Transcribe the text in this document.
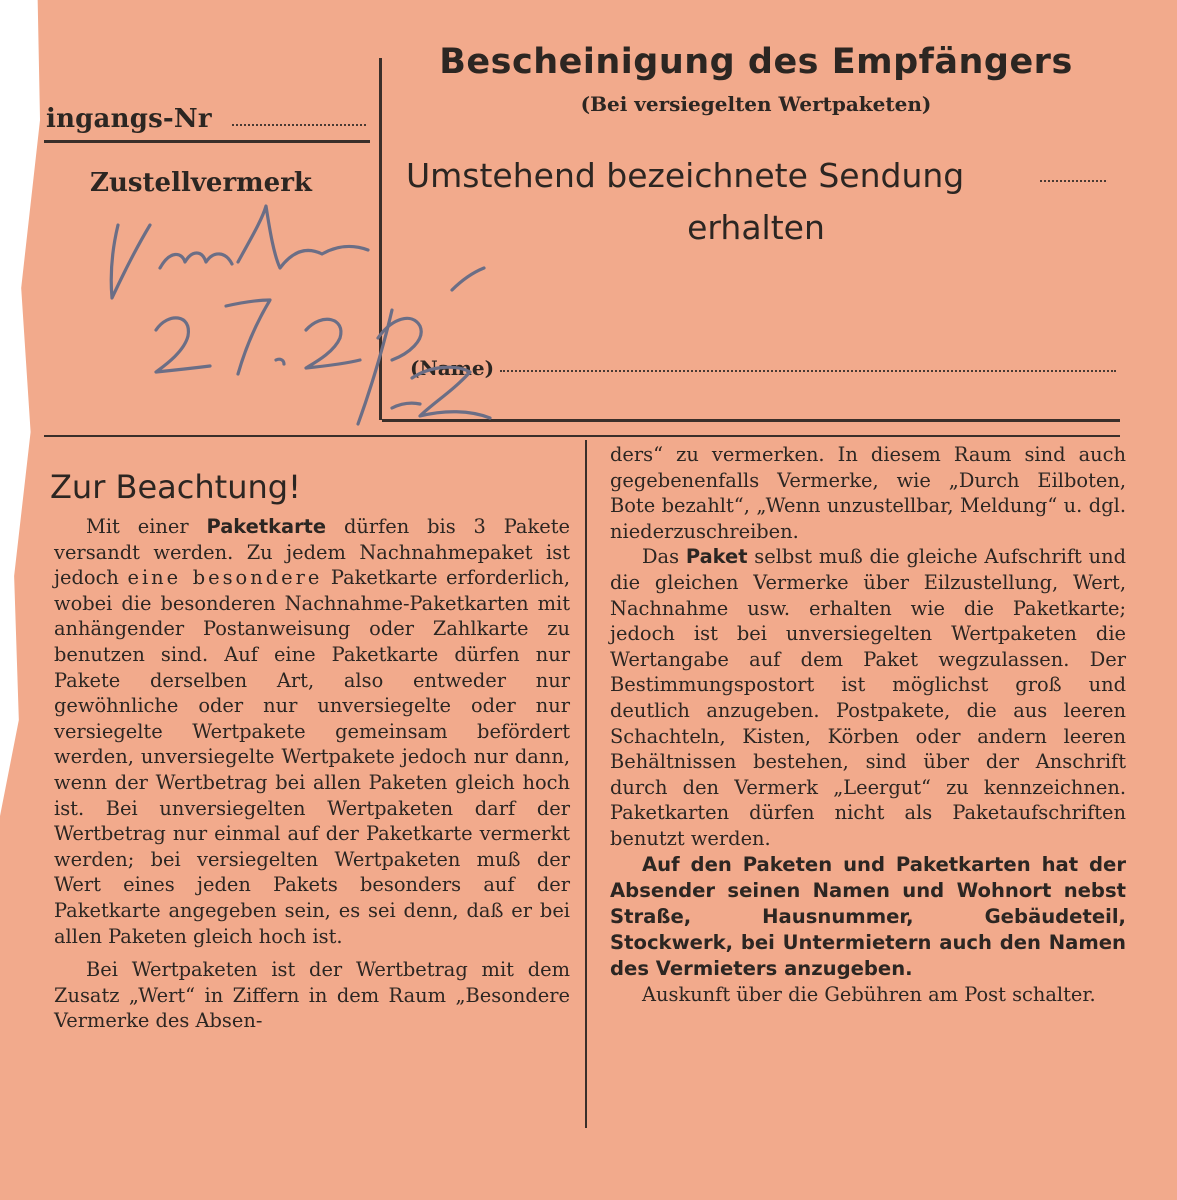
ingangs-Nr
Zustellvermerk
Bescheinigung des Empfängers
(Bei versiegelten Wertpaketen)
Umstehend bezeichnete Sendung
erhalten
(Name)
Zur Beachtung!

Mit einer Paketkarte dürfen bis 3 Pakete versandt werden. Zu jedem Nachnahmepaket ist jedoch eine besondere Paketkarte erforderlich, wobei die besonderen Nachnahme-Paketkarten mit anhängender Postanweisung oder Zahlkarte zu benutzen sind. Auf eine Paketkarte dürfen nur Pakete derselben Art, also entweder nur gewöhnliche oder nur unversiegelte oder nur versiegelte Wertpakete gemeinsam befördert werden, unversiegelte Wertpakete jedoch nur dann, wenn der Wertbetrag bei allen Paketen gleich hoch ist. Bei unversiegelten Wertpaketen darf der Wertbetrag nur einmal auf der Paketkarte vermerkt werden; bei versiegelten Wertpaketen muß der Wert eines jeden Pakets besonders auf der Paketkarte angegeben sein, es sei denn, daß er bei allen Paketen gleich hoch ist.

Bei Wertpaketen ist der Wertbetrag mit dem Zusatz „Wert“ in Ziffern in dem Raum „Besondere Vermerke des Absen-

ders“ zu vermerken. In diesem Raum sind auch gegebenenfalls Vermerke, wie „Durch Eilboten, Bote bezahlt“, „Wenn unzustellbar, Meldung“ u. dgl. niederzuschreiben.

Das Paket selbst muß die gleiche Aufschrift und die gleichen Vermerke über Eilzustellung, Wert, Nachnahme usw. erhalten wie die Paketkarte; jedoch ist bei unversiegelten Wertpaketen die Wertangabe auf dem Paket wegzulassen. Der Bestimmungspostort ist möglichst groß und deutlich anzugeben. Postpakete, die aus leeren Schachteln, Kisten, Körben oder andern leeren Behältnissen bestehen, sind über der Anschrift durch den Vermerk „Leergut“ zu kennzeichnen. Paketkarten dürfen nicht als Paketaufschriften benutzt werden.

Auf den Paketen und Paketkarten hat der Absender seinen Namen und Wohnort nebst Straße, Hausnummer, Gebäudeteil, Stockwerk, bei Untermietern auch den Namen des Vermieters anzugeben.

Auskunft über die Gebühren am Post schalter.
